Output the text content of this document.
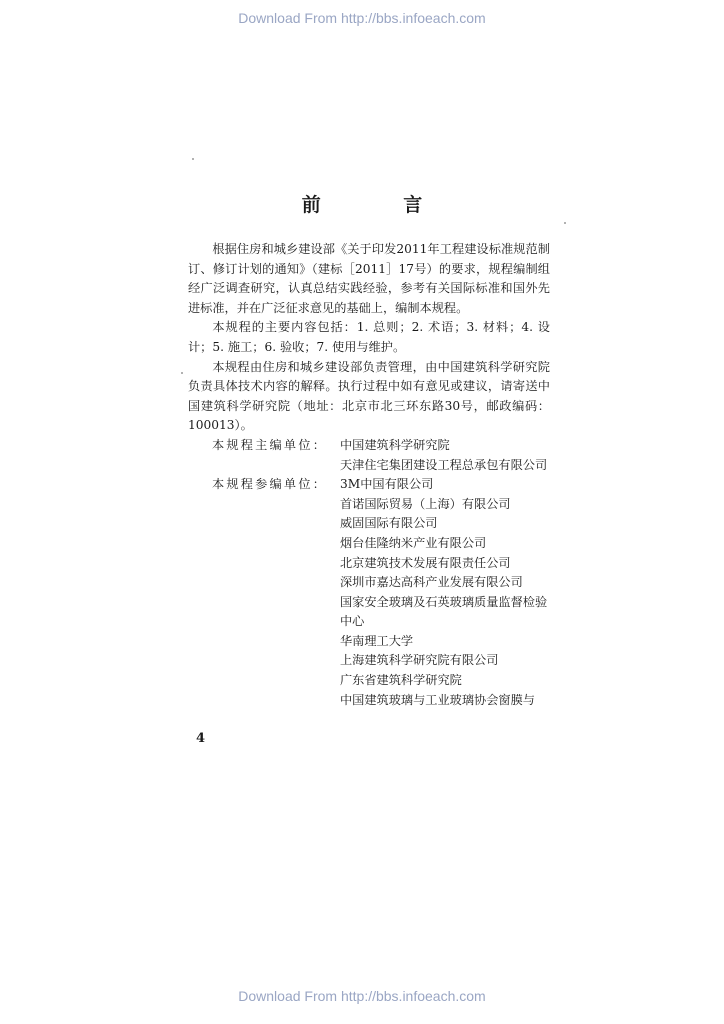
Download From http://bbs.infoeach.com
前 言

根据住房和城乡建设部《关于印发2011年工程建设标准规范制订、修订计划的通知》（建标［2011］17号）的要求，规程编制组经广泛调查研究，认真总结实践经验，参考有关国际标准和国外先进标准，并在广泛征求意见的基础上，编制本规程。

本规程的主要内容包括：1. 总则；2. 术语；3. 材料；4. 设计；5. 施工；6. 验收；7. 使用与维护。

本规程由住房和城乡建设部负责管理，由中国建筑科学研究院负责具体技术内容的解释。执行过程中如有意见或建议，请寄送中国建筑科学研究院（地址：北京市北三环东路30号，邮政编码：100013）。

本规程主编单位：	中国建筑科学研究院
天津住宅集团建设工程总承包有限公司
本规程参编单位：	3M中国有限公司
首诺国际贸易（上海）有限公司
威固国际有限公司
烟台佳隆纳米产业有限公司
北京建筑技术发展有限责任公司
深圳市嘉达高科产业发展有限公司
国家安全玻璃及石英玻璃质量监督检验中心
华南理工大学
上海建筑科学研究院有限公司
广东省建筑科学研究院
中国建筑玻璃与工业玻璃协会窗膜与
4
Download From http://bbs.infoeach.com
